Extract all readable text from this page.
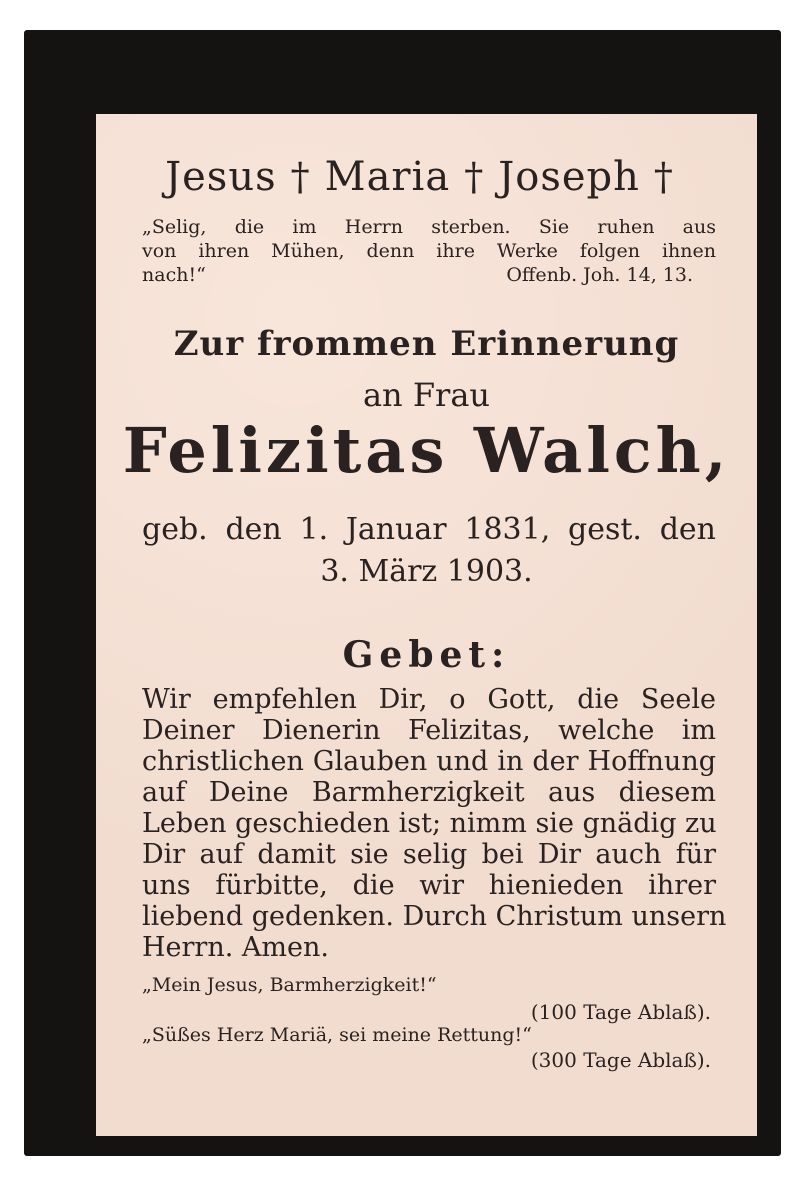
Jesus † Maria † Joseph †
„Selig, die im Herrn sterben. Sie ruhen aus
von ihren Mühen, denn ihre Werke folgen ihnen
nach!“	Offenb. Joh. 14, 13.
Zur frommen Erinnerung
an Frau
Felizitas Walch,
geb. den 1. Januar 1831, gest. den
3. März 1903.
Gebet:
Wir empfehlen Dir, o Gott, die Seele
Deiner Dienerin Felizitas, welche im
christlichen Glauben und in der Hoffnung
auf Deine Barmherzigkeit aus diesem
Leben geschieden ist; nimm sie gnädig zu
Dir auf damit sie selig bei Dir auch für
uns fürbitte, die wir hienieden ihrer
liebend gedenken. Durch Christum unsern
Herrn. Amen.
„Mein Jesus, Barmherzigkeit!“
(100 Tage Ablaß).
„Süßes Herz Mariä, sei meine Rettung!“
(300 Tage Ablaß).
